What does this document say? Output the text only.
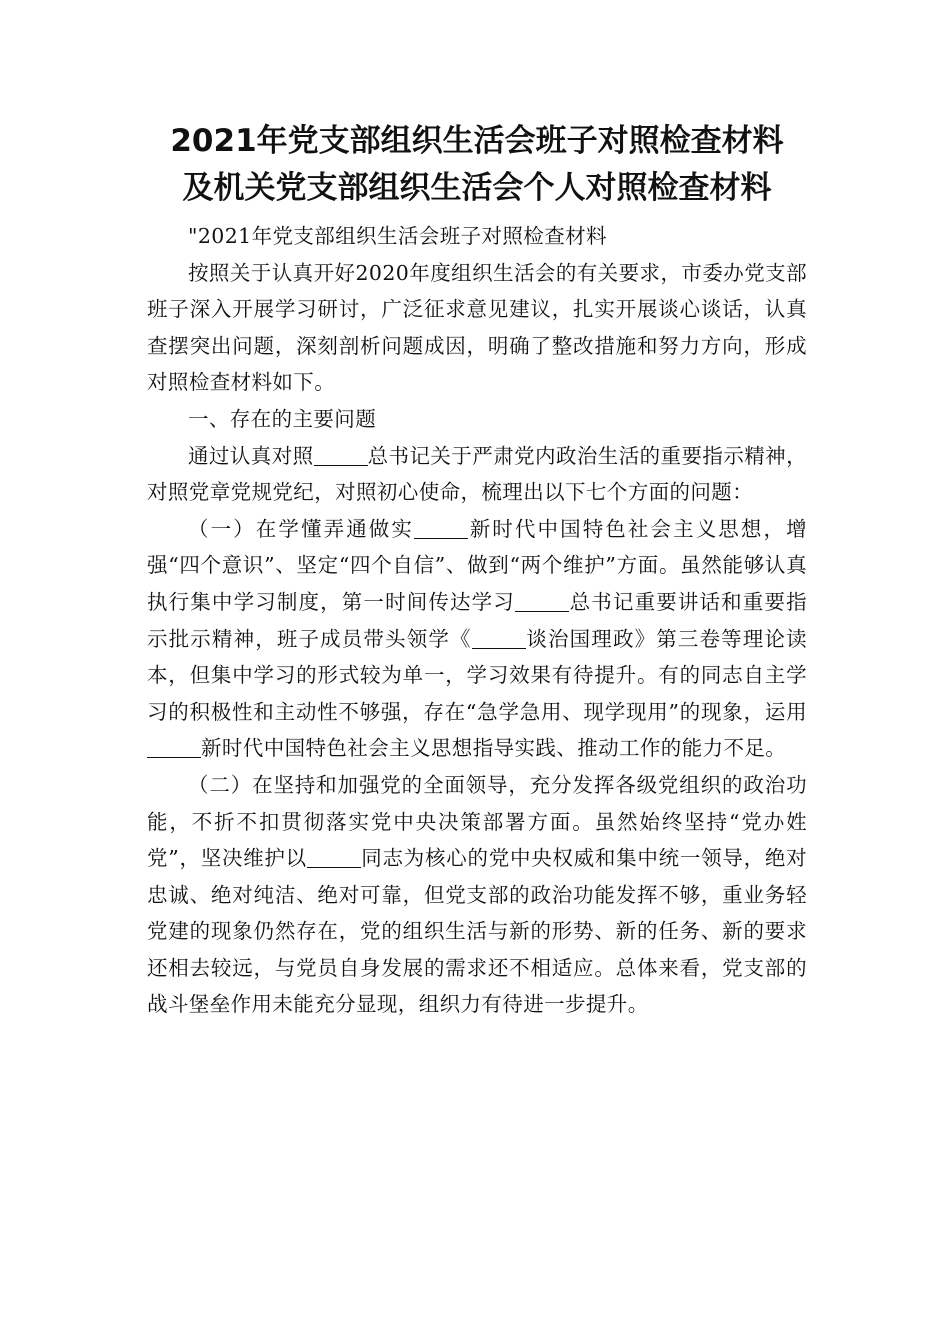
2021年党支部组织生活会班子对照检查材料
及机关党支部组织生活会个人对照检查材料

"2021年党支部组织生活会班子对照检查材料

按照关于认真开好2020年度组织生活会的有关要求，市委办党支部班子深入开展学习研讨，广泛征求意见建议，扎实开展谈心谈话，认真查摆突出问题，深刻剖析问题成因，明确了整改措施和努力方向，形成对照检查材料如下。

一、存在的主要问题

通过认真对照	总书记关于严肃党内政治生活的重要指示精神，对照党章党规党纪，对照初心使命，梳理出以下七个方面的问题：

（一）在学懂弄通做实	新时代中国特色社会主义思想，增强“四个意识”、坚定“四个自信”、做到“两个维护”方面。虽然能够认真执行集中学习制度，第一时间传达学习	总书记重要讲话和重要指示批示精神，班子成员带头领学《	谈治国理政》第三卷等理论读本，但集中学习的形式较为单一，学习效果有待提升。有的同志自主学习的积极性和主动性不够强，存在“急学急用、现学现用”的现象，运用新时代中国特色社会主义思想指导实践、推动工作的能力不足。

（二）在坚持和加强党的全面领导，充分发挥各级党组织的政治功能，不折不扣贯彻落实党中央决策部署方面。虽然始终坚持“党办姓党”，坚决维护以	同志为核心的党中央权威和集中统一领导，绝对忠诚、绝对纯洁、绝对可靠，但党支部的政治功能发挥不够，重业务轻党建的现象仍然存在，党的组织生活与新的形势、新的任务、新的要求还相去较远，与党员自身发展的需求还不相适应。总体来看，党支部的战斗堡垒作用未能充分显现，组织力有待进一步提升。
